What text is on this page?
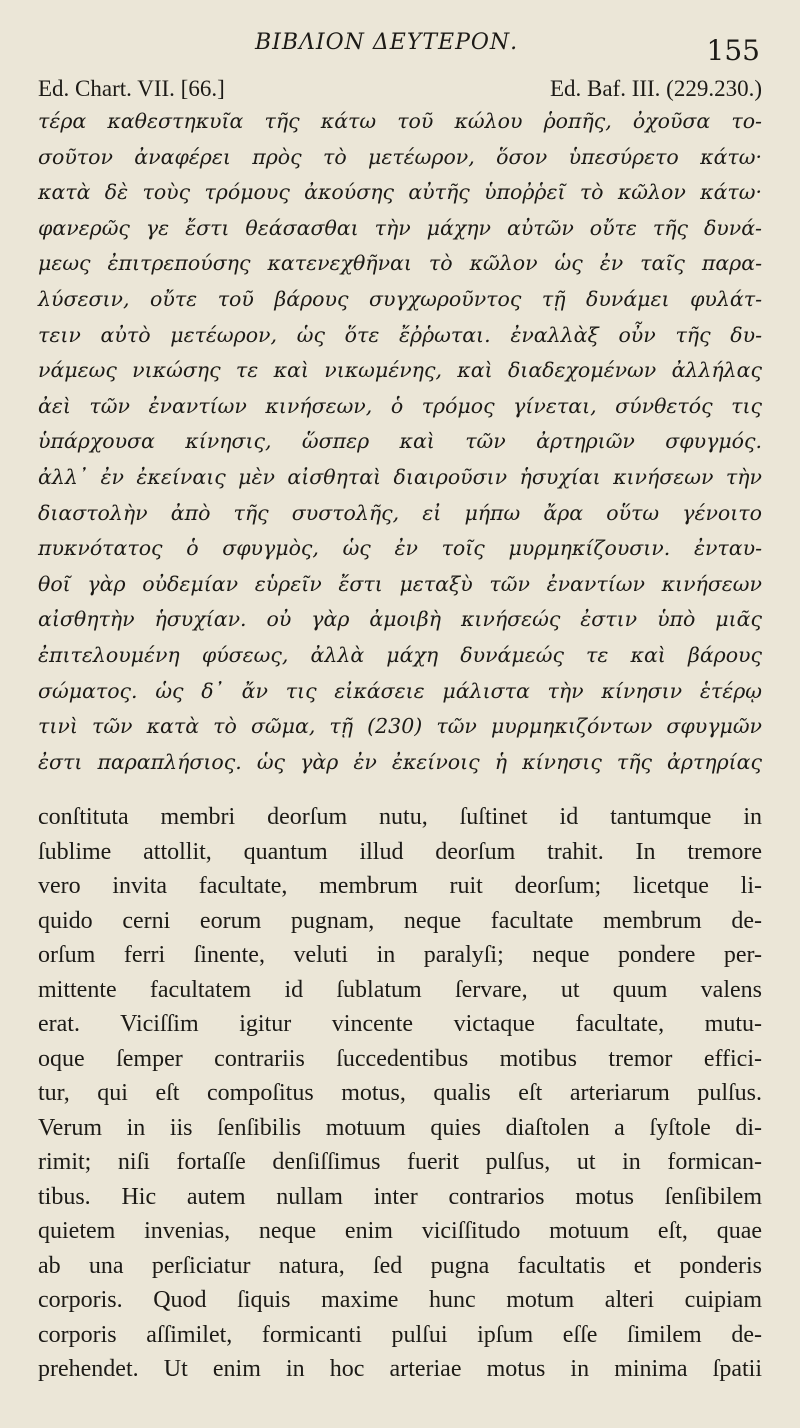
ΒΙΒΛΙΟΝ ΔΕΥΤΕΡΟΝ.	155
Ed. Chart. VII. [66.]	Ed. Baf. III. (229.230.)
τέρα καθεστηκυῖα τῆς κάτω τοῦ κώλου ῥοπῆς, ὀχοῦσα το-
σοῦτον ἀναφέρει πρὸς τὸ μετέωρον, ὅσον ὑπεσύρετο κάτω·
κατὰ δὲ τοὺς τρόμους ἀκούσης αὐτῆς ὑποῤῥεῖ τὸ κῶλον κάτω·
φανερῶς γε ἔστι θεάσασθαι τὴν μάχην αὐτῶν οὔτε τῆς δυνά-
μεως ἐπιτρεπούσης κατενεχθῆναι τὸ κῶλον ὡς ἐν ταῖς παρα-
λύσεσιν, οὔτε τοῦ βάρους συγχωροῦντος τῇ δυνάμει φυλάτ-
τειν αὐτὸ μετέωρον, ὡς ὅτε ἔῤῥωται. ἐναλλὰξ οὖν τῆς δυ-
νάμεως νικώσης τε καὶ νικωμένης, καὶ διαδεχομένων ἀλλήλας
ἀεὶ τῶν ἐναντίων κινήσεων, ὁ τρόμος γίνεται, σύνθετός τις
ὑπάρχουσα κίνησις, ὥσπερ καὶ τῶν ἀρτηριῶν σφυγμός.
ἀλλ᾽ ἐν ἐκείναις μὲν αἰσθηταὶ διαιροῦσιν ἡσυχίαι κινήσεων τὴν
διαστολὴν ἀπὸ τῆς συστολῆς, εἰ μήπω ἄρα οὕτω γένοιτο
πυκνότατος ὁ σφυγμὸς, ὡς ἐν τοῖς μυρμηκίζουσιν. ἐνταυ-
θοῖ γὰρ οὐδεμίαν εὑρεῖν ἔστι μεταξὺ τῶν ἐναντίων κινήσεων
αἰσθητὴν ἡσυχίαν. οὐ γὰρ ἀμοιβὴ κινήσεώς ἐστιν ὑπὸ μιᾶς
ἐπιτελουμένη φύσεως, ἀλλὰ μάχη δυνάμεώς τε καὶ βάρους
σώματος. ὡς δ᾽ ἄν τις εἰκάσειε μάλιστα τὴν κίνησιν ἑτέρῳ
τινὶ τῶν κατὰ τὸ σῶμα, τῇ (230) τῶν μυρμηκιζόντων σφυγμῶν
ἐστι παραπλήσιος. ὡς γὰρ ἐν ἐκείνοις ἡ κίνησις τῆς ἀρτηρίας
conſtituta membri deorſum nutu, ſuſtinet id tantumque in
ſublime attollit, quantum illud deorſum trahit. In tremore
vero invita facultate, membrum ruit deorſum; licetque li-
quido cerni eorum pugnam, neque facultate membrum de-
orſum ferri ſinente, veluti in paralyſi; neque pondere per-
mittente facultatem id ſublatum ſervare, ut quum valens
erat. Viciſſim igitur vincente victaque facultate, mutu-
oque ſemper contrariis ſuccedentibus motibus tremor effici-
tur, qui eſt compoſitus motus, qualis eſt arteriarum pulſus.
Verum in iis ſenſibilis motuum quies diaſtolen a ſyſtole di-
rimit; niſi fortaſſe denſiſſimus fuerit pulſus, ut in formican-
tibus. Hic autem nullam inter contrarios motus ſenſibilem
quietem invenias, neque enim viciſſitudo motuum eſt, quae
ab una perſiciatur natura, ſed pugna facultatis et ponderis
corporis. Quod ſiquis maxime hunc motum alteri cuipiam
corporis aſſimilet, formicanti pulſui ipſum eſſe ſimilem de-
prehendet. Ut enim in hoc arteriae motus in minima ſpatii
